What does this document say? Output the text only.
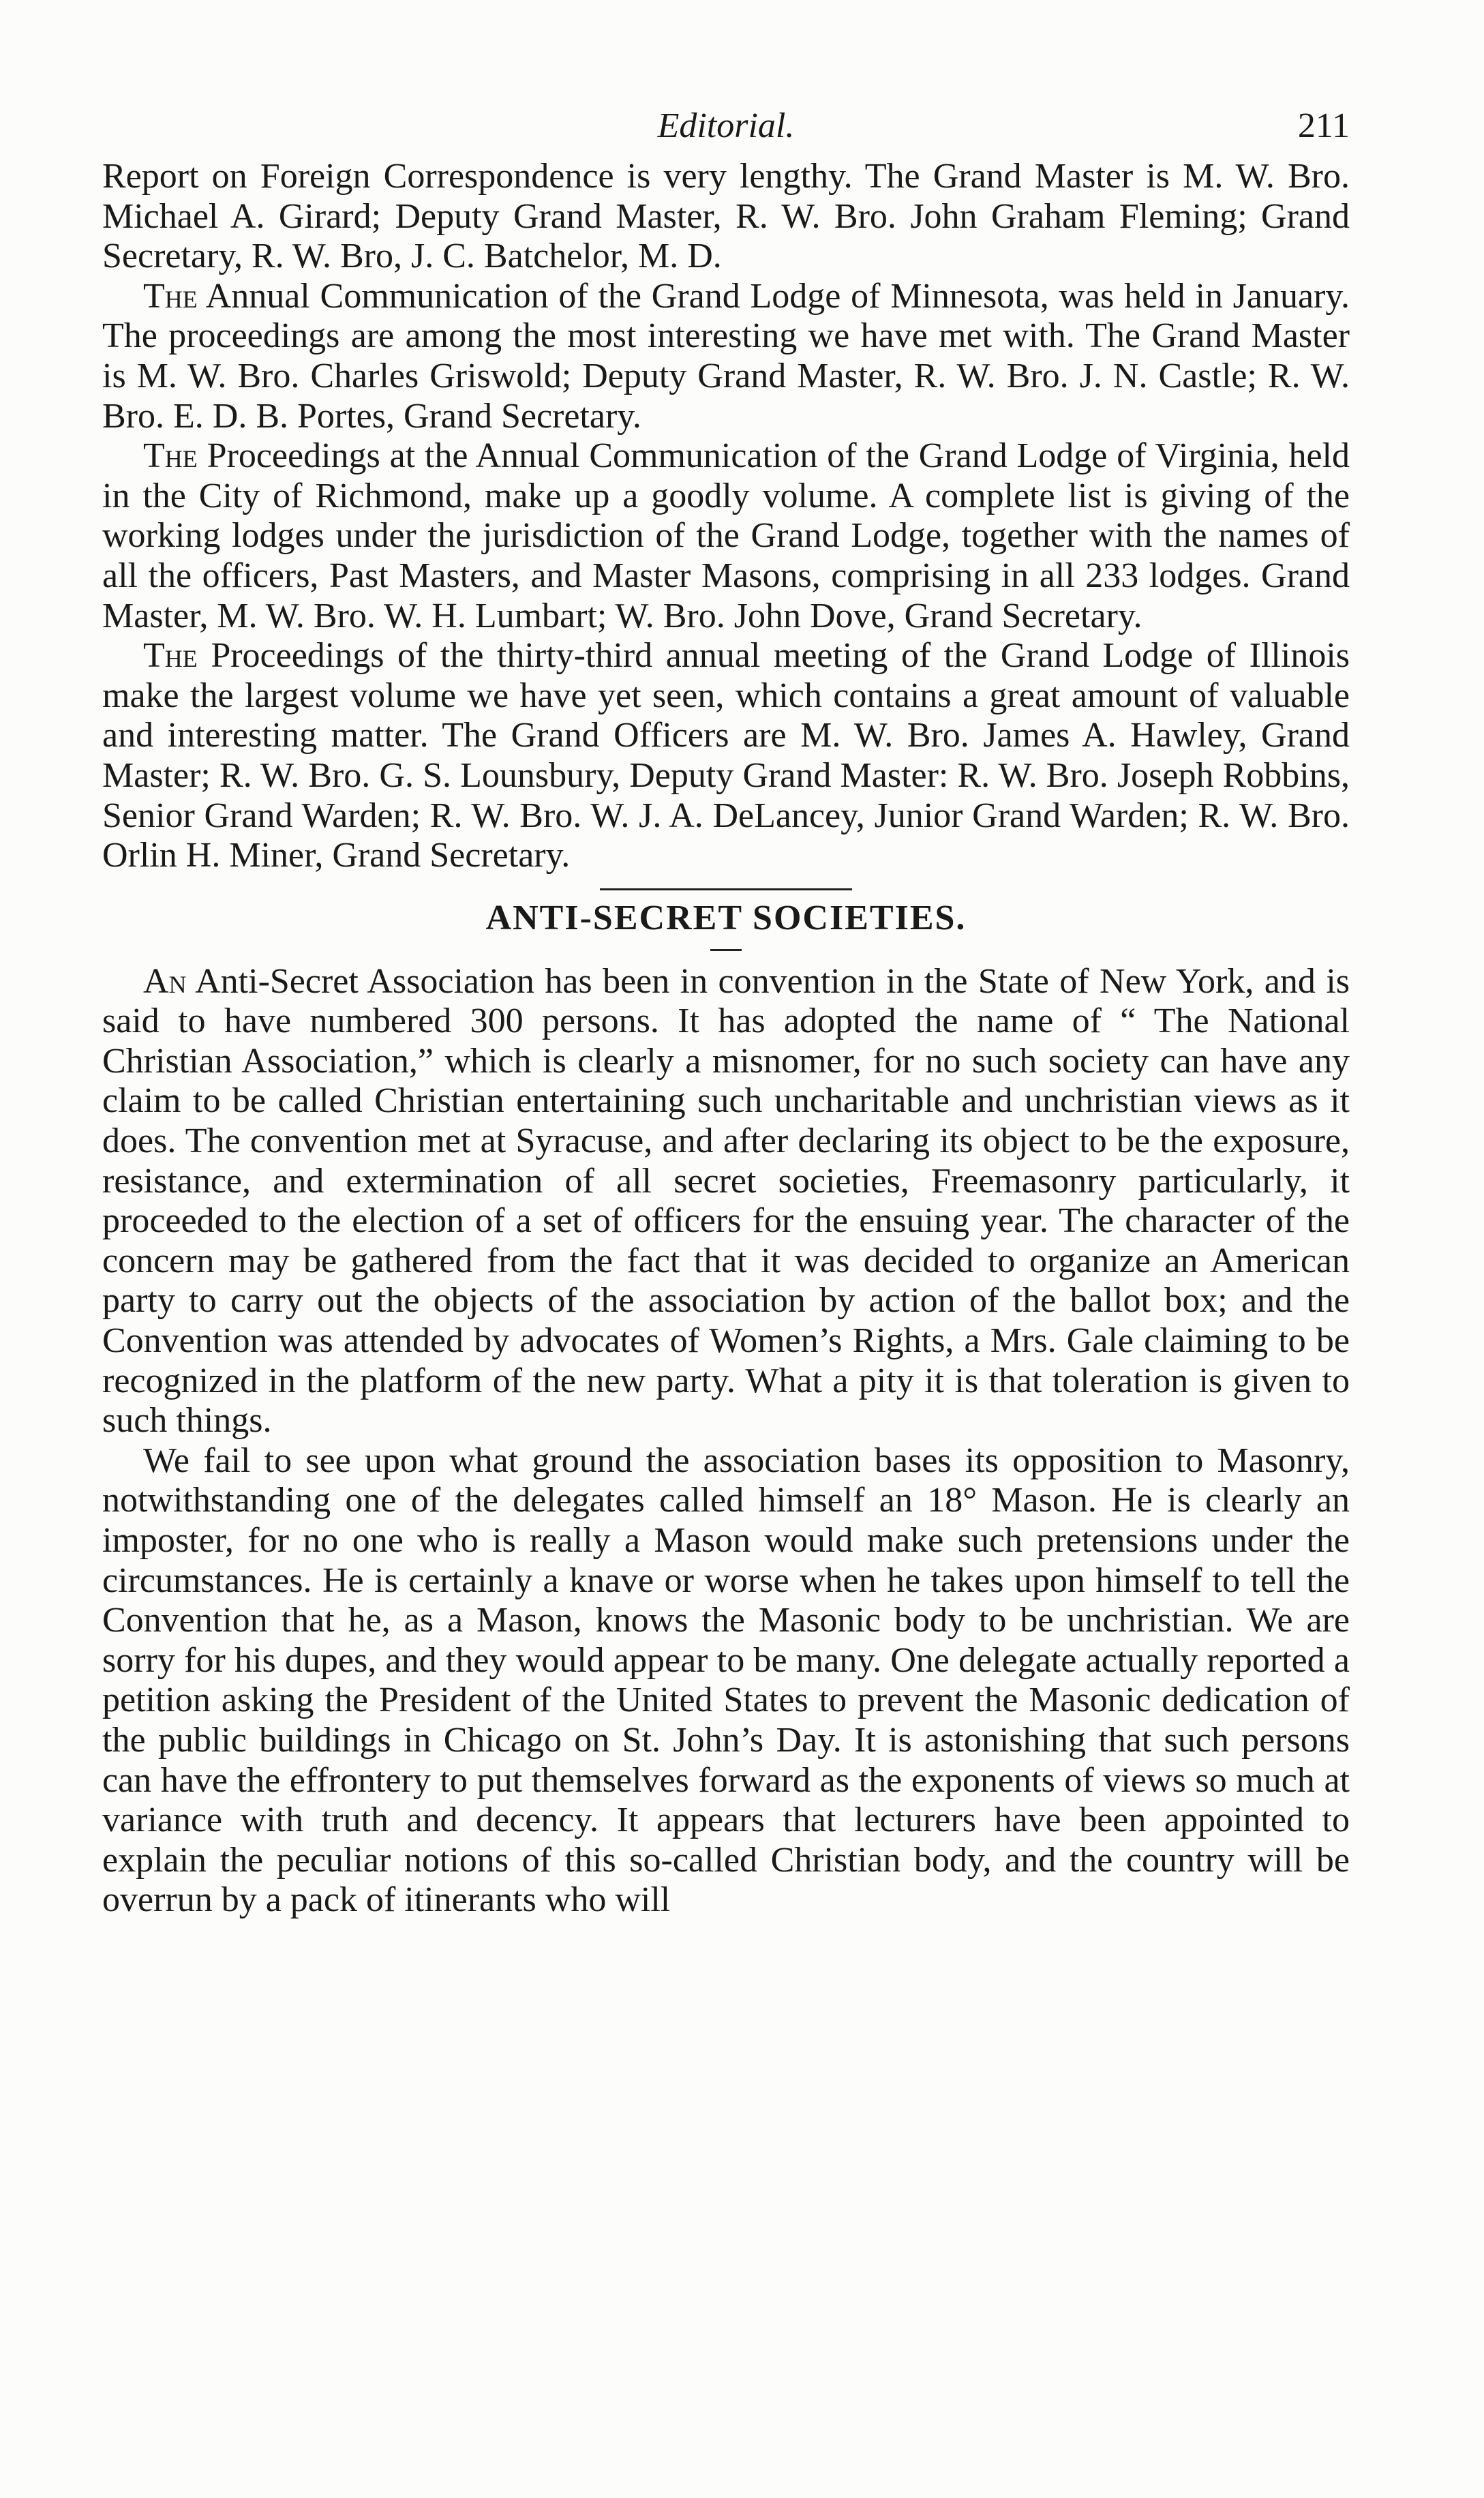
Editorial.	211

Report on Foreign Correspondence is very lengthy. The Grand Master is M. W. Bro. Michael A. Girard; Deputy Grand Master, R. W. Bro. John Graham Fleming; Grand Secretary, R. W. Bro, J. C. Batchelor, M. D.

The Annual Communication of the Grand Lodge of Minnesota, was held in January. The proceedings are among the most interesting we have met with. The Grand Master is M. W. Bro. Charles Griswold; Deputy Grand Master, R. W. Bro. J. N. Castle; R. W. Bro. E. D. B. Portes, Grand Secretary.

The Proceedings at the Annual Communication of the Grand Lodge of Virginia, held in the City of Richmond, make up a goodly volume. A complete list is giving of the working lodges under the jurisdiction of the Grand Lodge, together with the names of all the officers, Past Masters, and Master Masons, comprising in all 233 lodges. Grand Master, M. W. Bro. W. H. Lumbart; W. Bro. John Dove, Grand Secretary.

The Proceedings of the thirty-third annual meeting of the Grand Lodge of Illinois make the largest volume we have yet seen, which contains a great amount of valuable and interesting matter. The Grand Officers are M. W. Bro. James A. Hawley, Grand Master; R. W. Bro. G. S. Lounsbury, Deputy Grand Master: R. W. Bro. Joseph Robbins, Senior Grand Warden; R. W. Bro. W. J. A. DeLancey, Junior Grand Warden; R. W. Bro. Orlin H. Miner, Grand Secretary.

ANTI-SECRET SOCIETIES.

An Anti-Secret Association has been in convention in the State of New York, and is said to have numbered 300 persons. It has adopted the name of “ The National Christian Association,” which is clearly a misnomer, for no such society can have any claim to be called Christian entertaining such uncharitable and unchristian views as it does. The convention met at Syracuse, and after declaring its object to be the exposure, resistance, and extermination of all secret societies, Freemasonry particularly, it proceeded to the election of a set of officers for the ensuing year. The character of the concern may be gathered from the fact that it was decided to organize an American party to carry out the objects of the association by action of the ballot box; and the Convention was attended by advocates of Women’s Rights, a Mrs. Gale claiming to be recognized in the platform of the new party. What a pity it is that toleration is given to such things.

We fail to see upon what ground the association bases its opposition to Masonry, notwithstanding one of the delegates called himself an 18° Mason. He is clearly an imposter, for no one who is really a Mason would make such pretensions under the circumstances. He is certainly a knave or worse when he takes upon himself to tell the Convention that he, as a Mason, knows the Masonic body to be unchristian. We are sorry for his dupes, and they would appear to be many. One delegate actually reported a petition asking the President of the United States to prevent the Masonic dedication of the public buildings in Chicago on St. John’s Day. It is astonishing that such persons can have the effrontery to put themselves forward as the exponents of views so much at variance with truth and decency. It appears that lecturers have been appointed to explain the peculiar notions of this so-called Christian body, and the country will be overrun by a pack of itinerants who will
